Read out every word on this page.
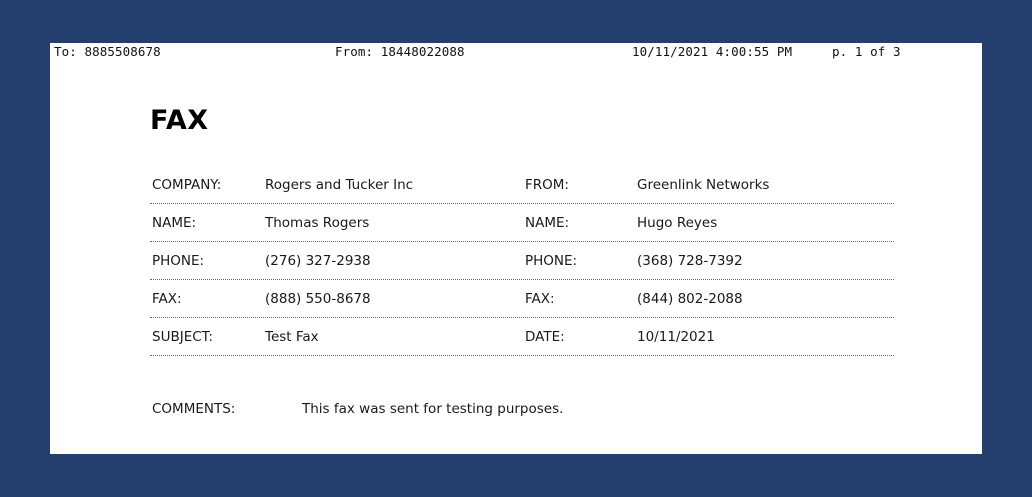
To: 8885508678	From: 18448022088	10/11/2021 4:00:55 PM	p. 1 of 3
FAX
COMPANY:	Rogers and Tucker Inc	FROM:	Greenlink Networks
NAME:	Thomas Rogers	NAME:	Hugo Reyes
PHONE:	(276) 327-2938	PHONE:	(368) 728-7392
FAX:	(888) 550-8678	FAX:	(844) 802-2088
SUBJECT:	Test Fax	DATE:	10/11/2021
COMMENTS:	This fax was sent for testing purposes.
